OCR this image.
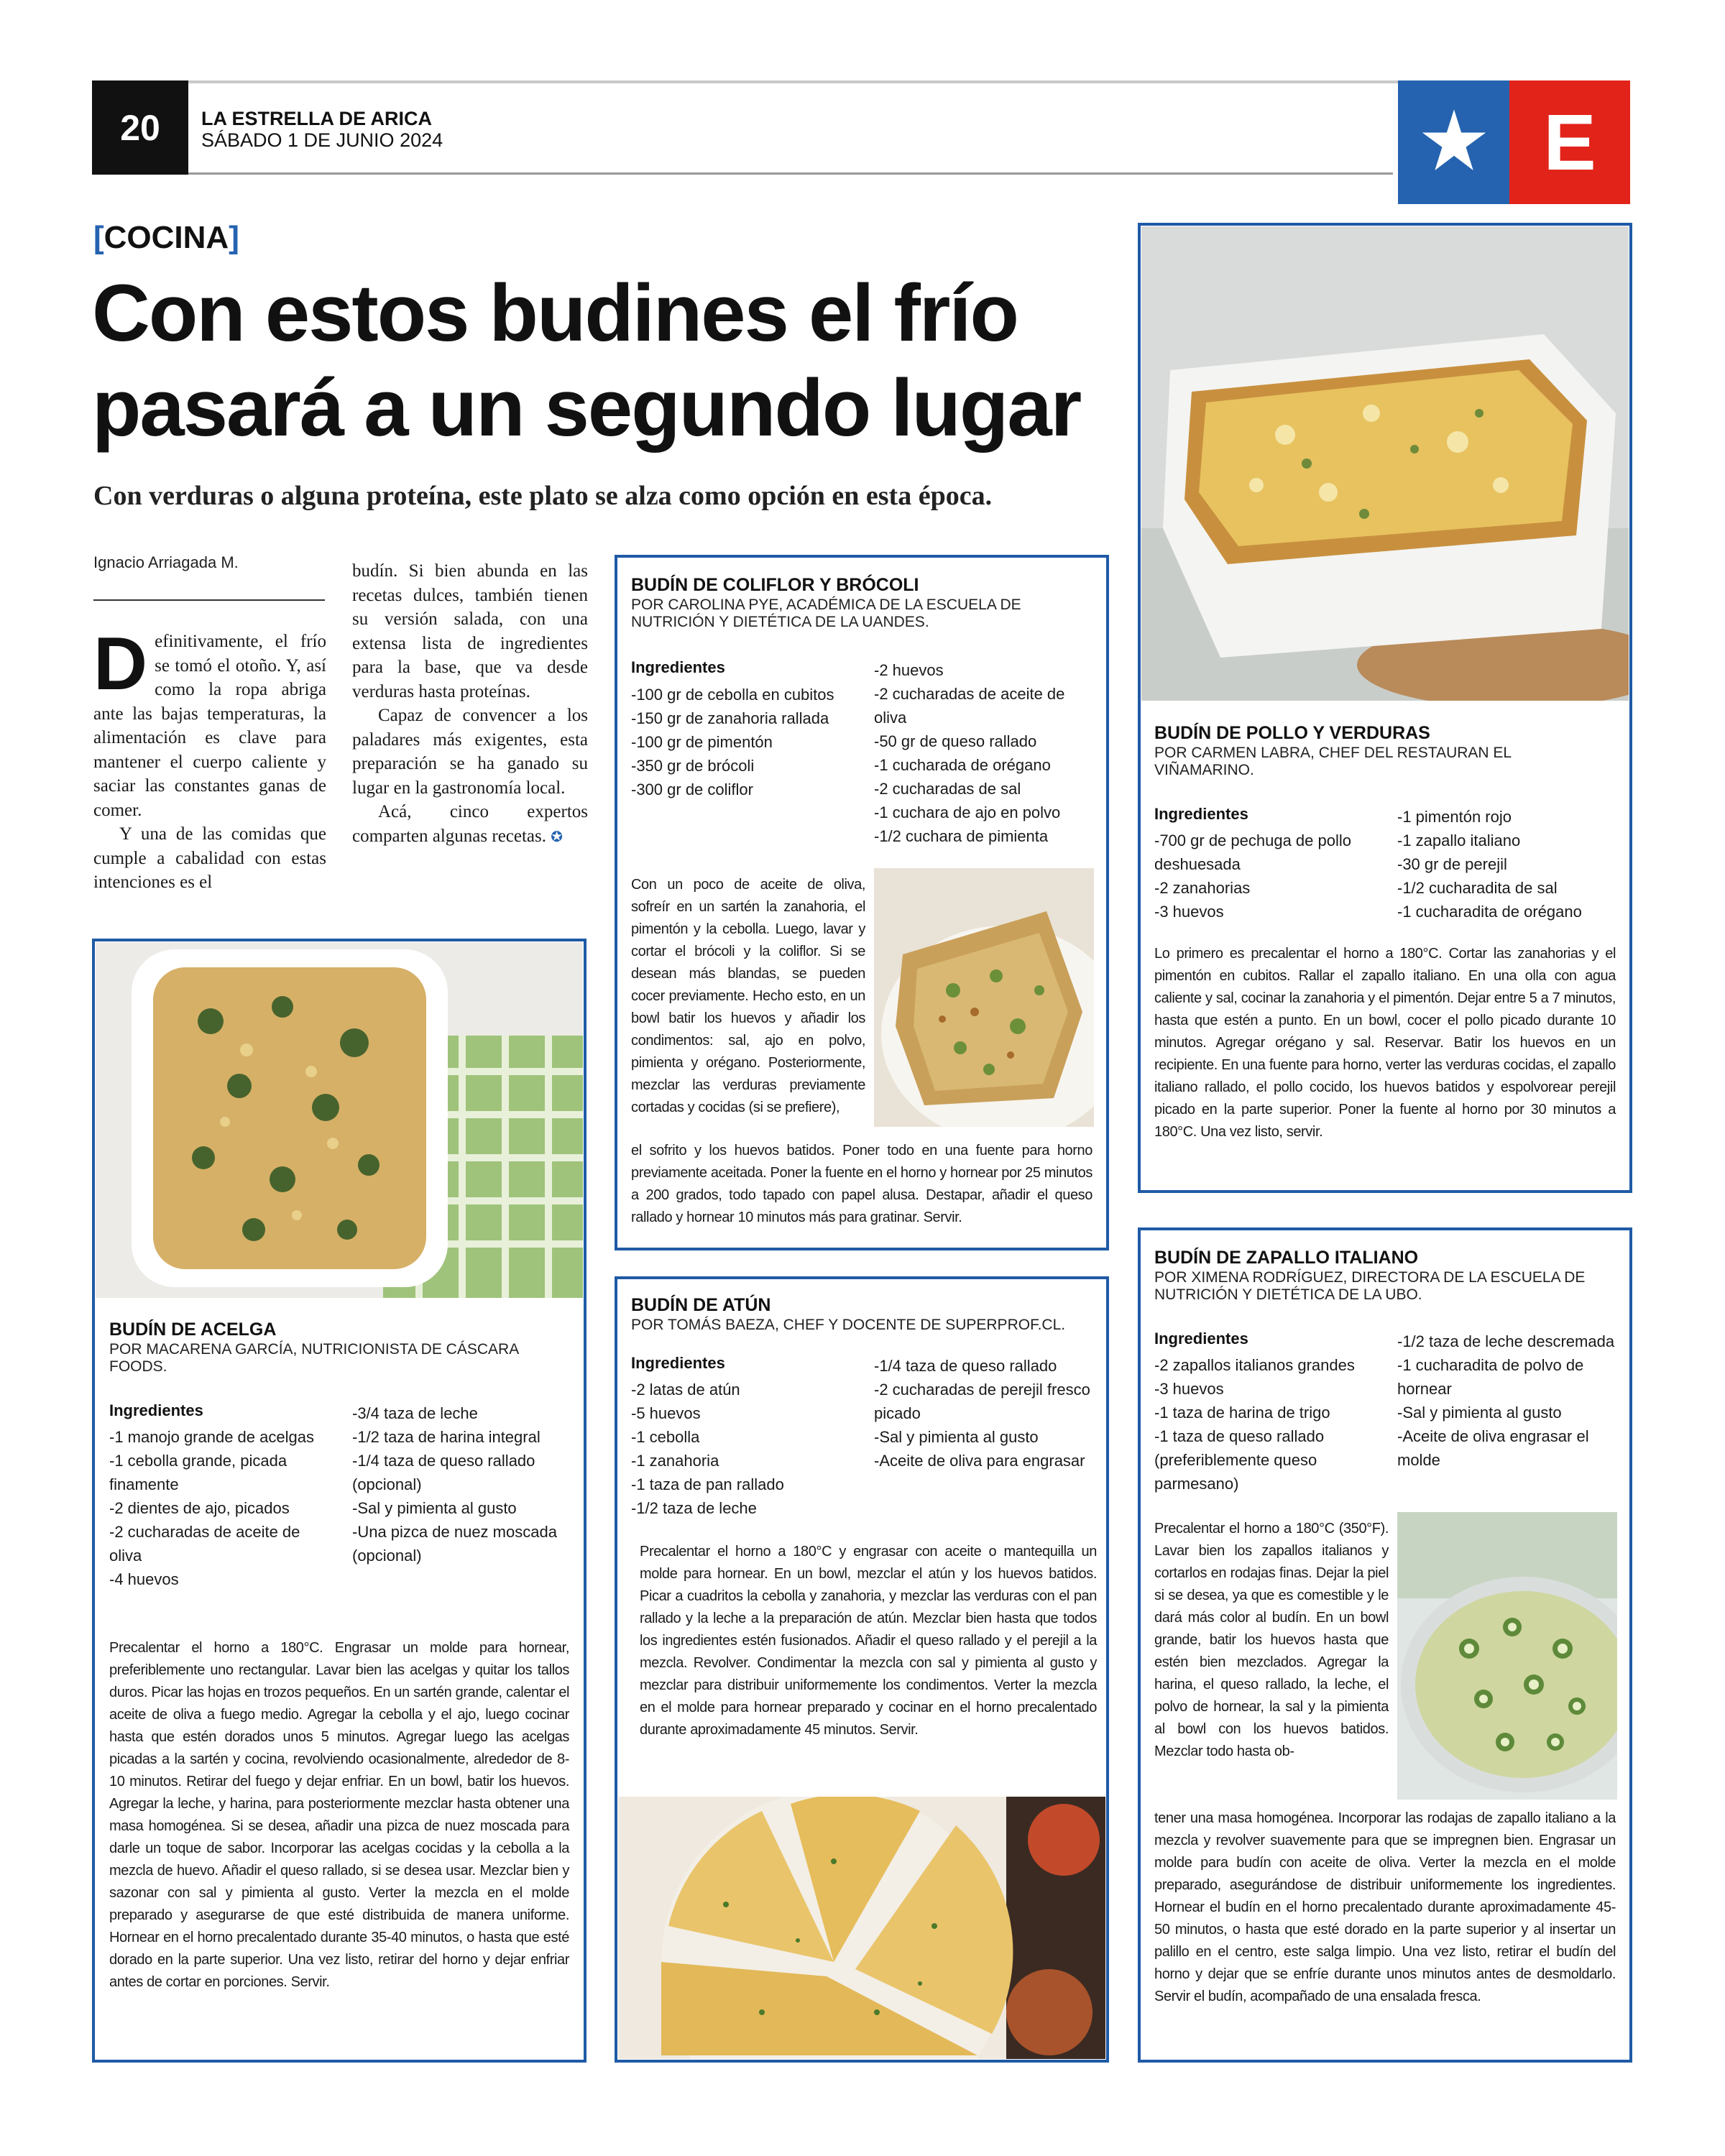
20	LA ESTRELLA DE ARICA
SÁBADO 1 DE JUNIO 2024	E
[COCINA]
Con estos budines el frío
pasará a un segundo lugar
Con verduras o alguna proteína, este plato se alza como opción en esta época.
Ignacio Arriagada M.

Definitivamente, el frío se tomó el otoño. Y, así como la ropa abriga ante las bajas temperaturas, la alimentación es clave para mantener el cuerpo caliente y saciar las constantes ganas de comer.

Y una de las comidas que cumple a cabalidad con estas intenciones es el

budín. Si bien abunda en las recetas dulces, también tienen su versión salada, con una extensa lista de ingredientes para la base, que va desde verduras hasta proteínas.

Capaz de convencer a los paladares más exigentes, esta preparación se ha ganado su lugar en la gastronomía local.

Acá, cinco expertos comparten algunas recetas. ✪

BUDÍN DE COLIFLOR Y BRÓCOLI
POR CAROLINA PYE, ACADÉMICA DE LA ESCUELA DE NUTRICIÓN Y DIETÉTICA DE LA UANDES.
Ingredientes
-100 gr de cebolla en cubitos
-150 gr de zanahoria rallada
-100 gr de pimentón
-350 gr de brócoli
-300 gr de coliflor
-2 huevos
-2 cucharadas de aceite de oliva
-50 gr de queso rallado
-1 cucharada de orégano
-2 cucharadas de sal
-1 cuchara de ajo en polvo
-1/2 cuchara de pimienta
Con un poco de aceite de oliva, sofreír en un sartén la zanahoria, el pimentón y la cebolla. Luego, lavar y cortar el brócoli y la coliflor. Si se desean más blandas, se pueden cocer previamente. Hecho esto, en un bowl batir los huevos y añadir los condimentos: sal, ajo en polvo, pimienta y orégano. Posteriormente, mezclar las verduras previamente cortadas y cocidas (si se prefiere),
el sofrito y los huevos batidos. Poner todo en una fuente para horno previamente aceitada. Poner la fuente en el horno y hornear por 25 minutos a 200 grados, todo tapado con papel alusa. Destapar, añadir el queso rallado y hornear 10 minutos más para gratinar. Servir.
BUDÍN DE POLLO Y VERDURAS
POR CARMEN LABRA, CHEF DEL RESTAURAN EL VIÑAMARINO.
Ingredientes
-700 gr de pechuga de pollo deshuesada
-2 zanahorias
-3 huevos
-1 pimentón rojo
-1 zapallo italiano
-30 gr de perejil
-1/2 cucharadita de sal
-1 cucharadita de orégano
Lo primero es precalentar el horno a 180°C. Cortar las zanahorias y el pimentón en cubitos. Rallar el zapallo italiano. En una olla con agua caliente y sal, cocinar la zanahoria y el pimentón. Dejar entre 5 a 7 minutos, hasta que estén a punto. En un bowl, cocer el pollo picado durante 10 minutos. Agregar orégano y sal. Reservar. Batir los huevos en un recipiente. En una fuente para horno, verter las verduras cocidas, el zapallo italiano rallado, el pollo cocido, los huevos batidos y espolvorear perejil picado en la parte superior. Poner la fuente al horno por 30 minutos a 180°C. Una vez listo, servir.
BUDÍN DE ACELGA
POR MACARENA GARCÍA, NUTRICIONISTA DE CÁSCARA FOODS.
Ingredientes
-1 manojo grande de acelgas
-1 cebolla grande, picada finamente
-2 dientes de ajo, picados
-2 cucharadas de aceite de oliva
-4 huevos
-3/4 taza de leche
-1/2 taza de harina integral
-1/4 taza de queso rallado (opcional)
-Sal y pimienta al gusto
-Una pizca de nuez moscada (opcional)
Precalentar el horno a 180°C. Engrasar un molde para hornear, preferiblemente uno rectangular. Lavar bien las acelgas y quitar los tallos duros. Picar las hojas en trozos pequeños. En un sartén grande, calentar el aceite de oliva a fuego medio. Agregar la cebolla y el ajo, luego cocinar hasta que estén dorados unos 5 minutos. Agregar luego las acelgas picadas a la sartén y cocina, revolviendo ocasionalmente, alrededor de 8-10 minutos. Retirar del fuego y dejar enfriar. En un bowl, batir los huevos. Agregar la leche, y harina, para posteriormente mezclar hasta obtener una masa homogénea. Si se desea, añadir una pizca de nuez moscada para darle un toque de sabor. Incorporar las acelgas cocidas y la cebolla a la mezcla de huevo. Añadir el queso rallado, si se desea usar. Mezclar bien y sazonar con sal y pimienta al gusto. Verter la mezcla en el molde preparado y asegurarse de que esté distribuida de manera uniforme. Hornear en el horno precalentado durante 35-40 minutos, o hasta que esté dorado en la parte superior. Una vez listo, retirar del horno y dejar enfriar antes de cortar en porciones. Servir.
BUDÍN DE ATÚN
POR TOMÁS BAEZA, CHEF Y DOCENTE DE SUPERPROF.CL.
Ingredientes
-2 latas de atún
-5 huevos
-1 cebolla
-1 zanahoria
-1 taza de pan rallado
-1/2 taza de leche
-1/4 taza de queso rallado
-2 cucharadas de perejil fresco picado
-Sal y pimienta al gusto
-Aceite de oliva para engrasar
Precalentar el horno a 180°C y engrasar con aceite o mantequilla un molde para hornear. En un bowl, mezclar el atún y los huevos batidos. Picar a cuadritos la cebolla y zanahoria, y mezclar las verduras con el pan rallado y la leche a la preparación de atún. Mezclar bien hasta que todos los ingredientes estén fusionados. Añadir el queso rallado y el perejil a la mezcla. Revolver. Condimentar la mezcla con sal y pimienta al gusto y mezclar para distribuir uniformemente los condimentos. Verter la mezcla en el molde para hornear preparado y cocinar en el horno precalentado durante aproximadamente 45 minutos. Servir.
BUDÍN DE ZAPALLO ITALIANO
POR XIMENA RODRÍGUEZ, DIRECTORA DE LA ESCUELA DE NUTRICIÓN Y DIETÉTICA DE LA UBO.
Ingredientes
-2 zapallos italianos grandes
-3 huevos
-1 taza de harina de trigo
-1 taza de queso rallado (preferiblemente queso parmesano)
-1/2 taza de leche descremada
-1 cucharadita de polvo de hornear
-Sal y pimienta al gusto
-Aceite de oliva engrasar el molde
Precalentar el horno a 180°C (350°F). Lavar bien los zapallos italianos y cortarlos en rodajas finas. Dejar la piel si se desea, ya que es comestible y le dará más color al budín. En un bowl grande, batir los huevos hasta que estén bien mezclados. Agregar la harina, el queso rallado, la leche, el polvo de hornear, la sal y la pimienta al bowl con los huevos batidos. Mezclar todo hasta ob-
tener una masa homogénea. Incorporar las rodajas de zapallo italiano a la mezcla y revolver suavemente para que se impregnen bien. Engrasar un molde para budín con aceite de oliva. Verter la mezcla en el molde preparado, asegurándose de distribuir uniformemente los ingredientes. Hornear el budín en el horno precalentado durante aproximadamente 45-50 minutos, o hasta que esté dorado en la parte superior y al insertar un palillo en el centro, este salga limpio. Una vez listo, retirar el budín del horno y dejar que se enfríe durante unos minutos antes de desmoldarlo. Servir el budín, acompañado de una ensalada fresca.
